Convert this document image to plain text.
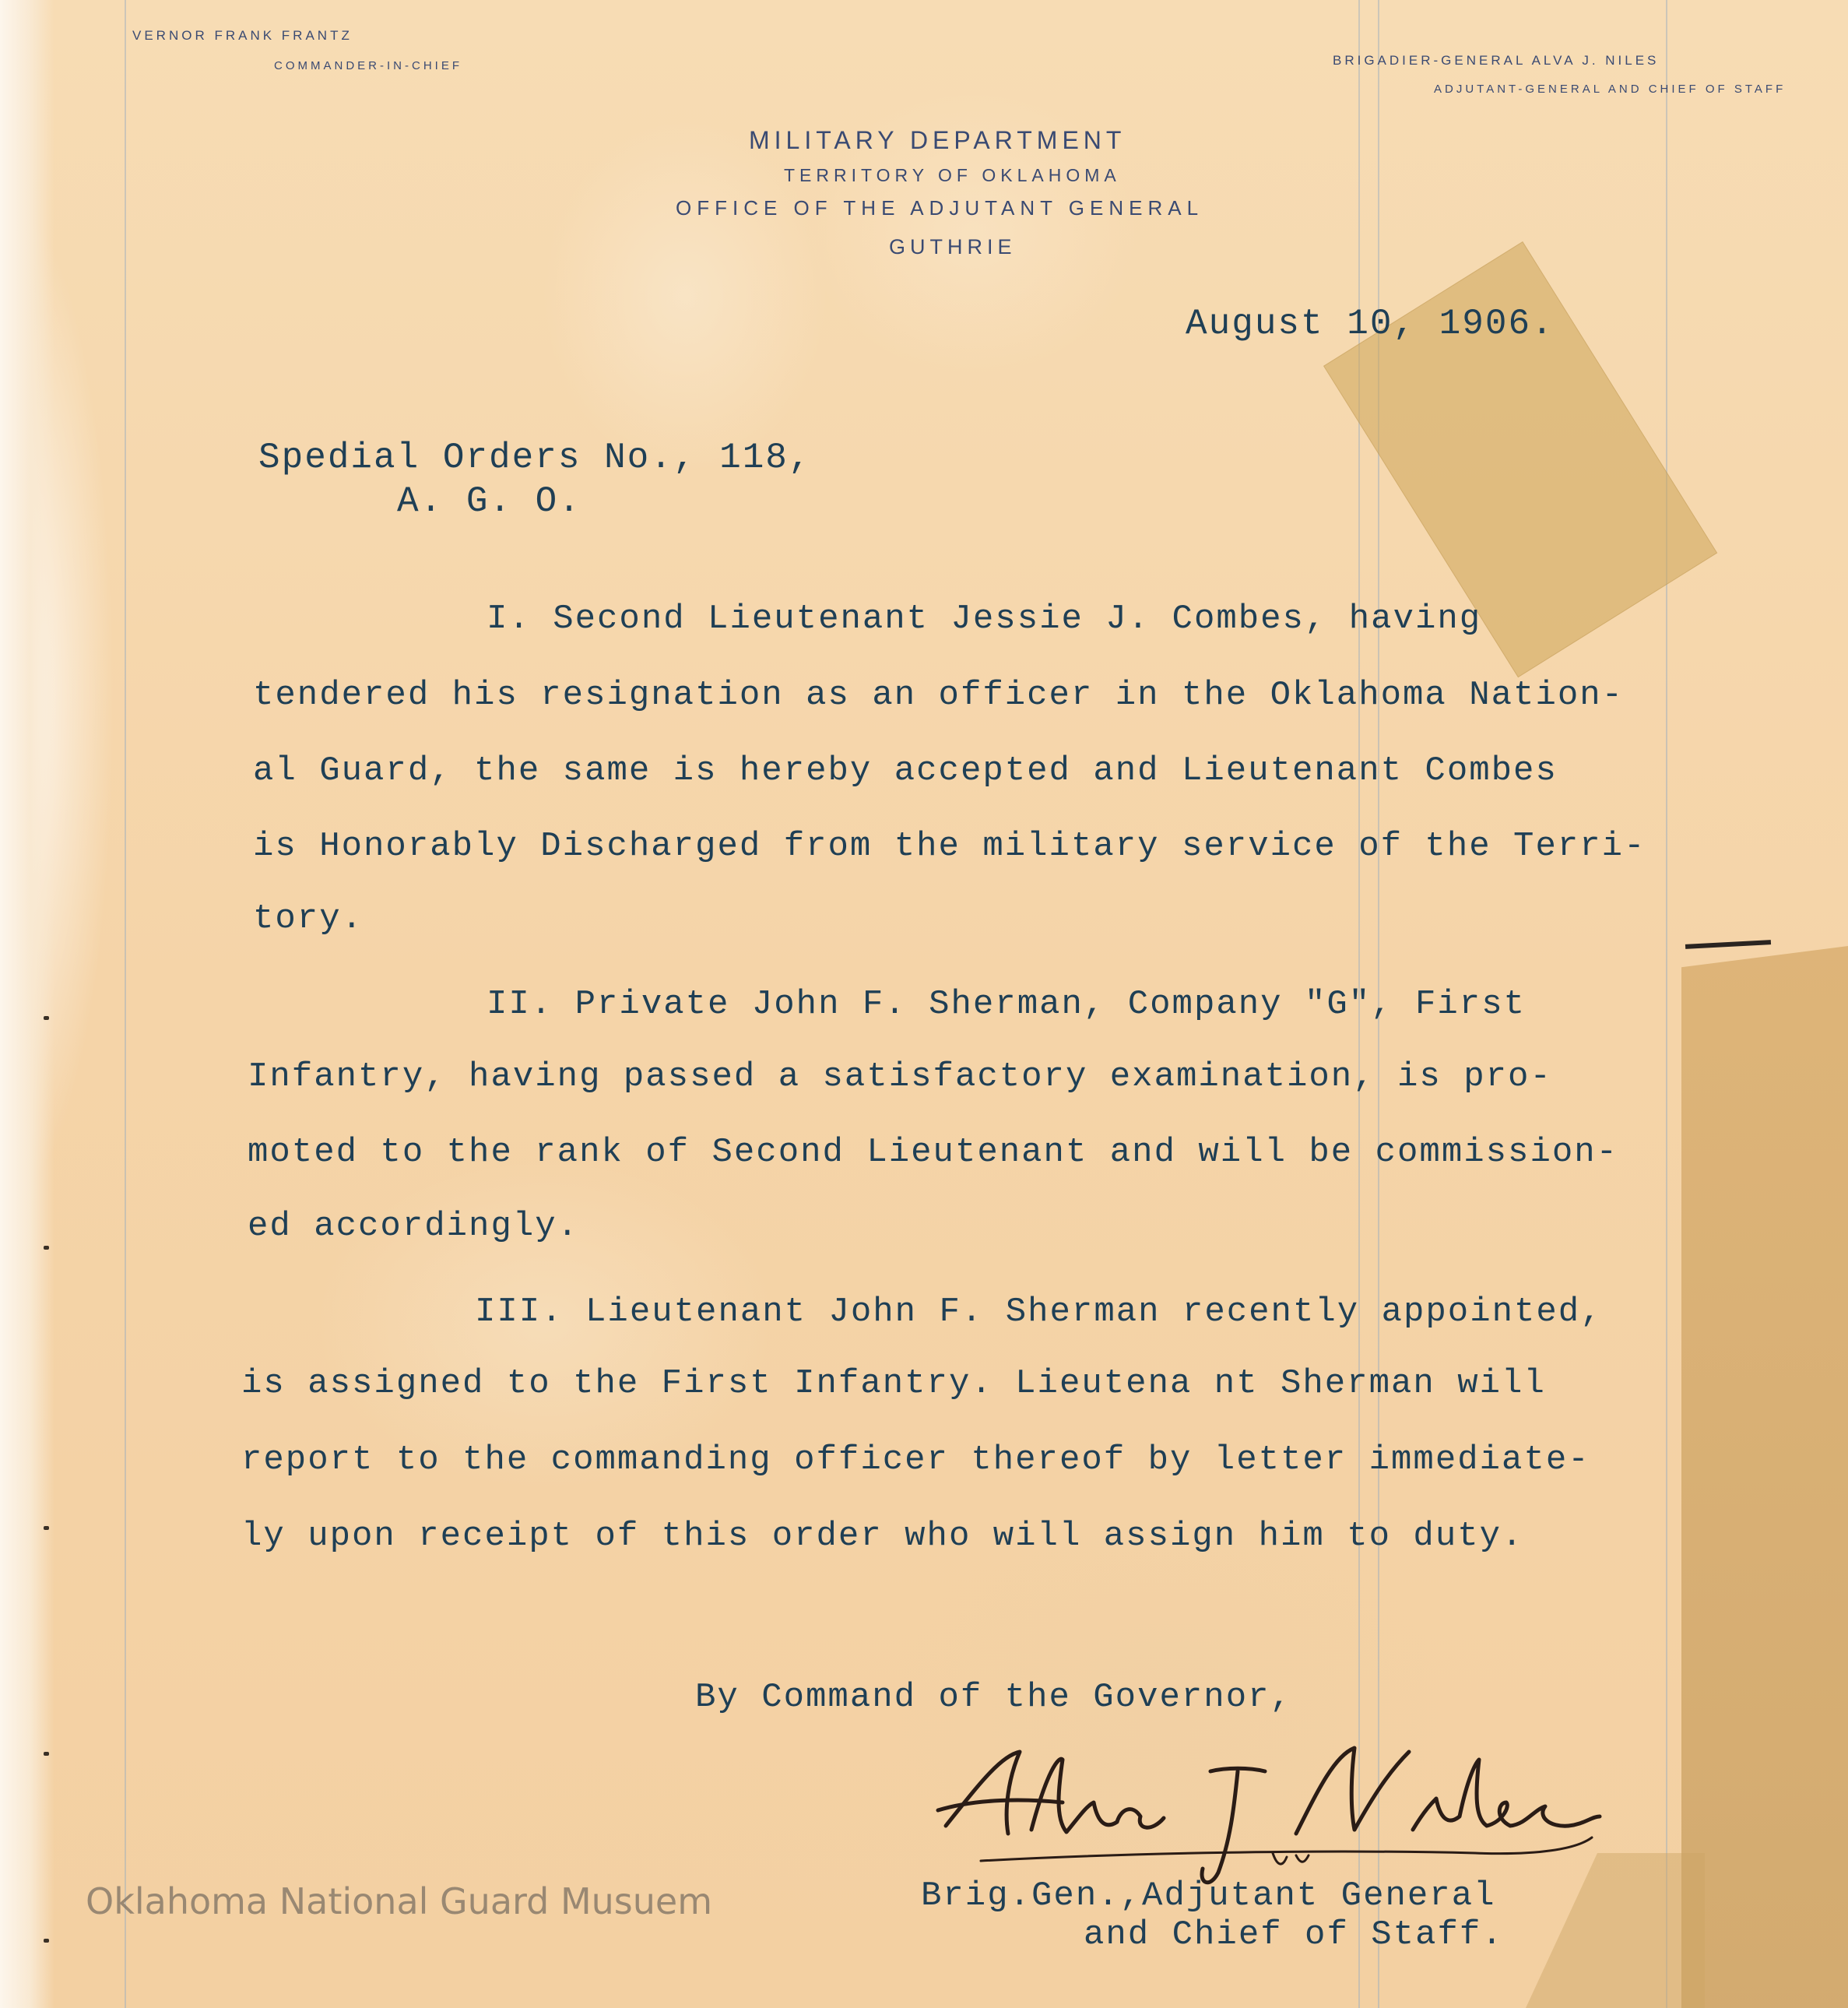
VERNOR FRANK FRANTZ
COMMANDER-IN-CHIEF	BRIGADIER-GENERAL ALVA J. NILES
ADJUTANT-GENERAL AND CHIEF OF STAFF
MILITARY DEPARTMENT
TERRITORY OF OKLAHOMA
OFFICE OF THE ADJUTANT GENERAL
GUTHRIE
August 10, 1906.
Spedial Orders No., 118,
A. G. O.
I. Second Lieutenant Jessie J. Combes, having
tendered his resignation as an officer in the Oklahoma Nation-
al Guard, the same is hereby accepted and Lieutenant Combes
is Honorably Discharged from the military service of the Terri-
tory.
II. Private John F. Sherman, Company "G", First
Infantry, having passed a satisfactory examination, is pro-
moted to the rank of Second Lieutenant and will be commission-
ed accordingly.
III. Lieutenant John F. Sherman recently appointed,
is assigned to the First Infantry. Lieutena nt Sherman will
report to the commanding officer thereof by letter immediate-
ly upon receipt of this order who will assign him to duty.
By Command of the Governor,
Alva J. Niles
Brig.Gen.,Adjutant General
and Chief of Staff.
Oklahoma National Guard Musuem
